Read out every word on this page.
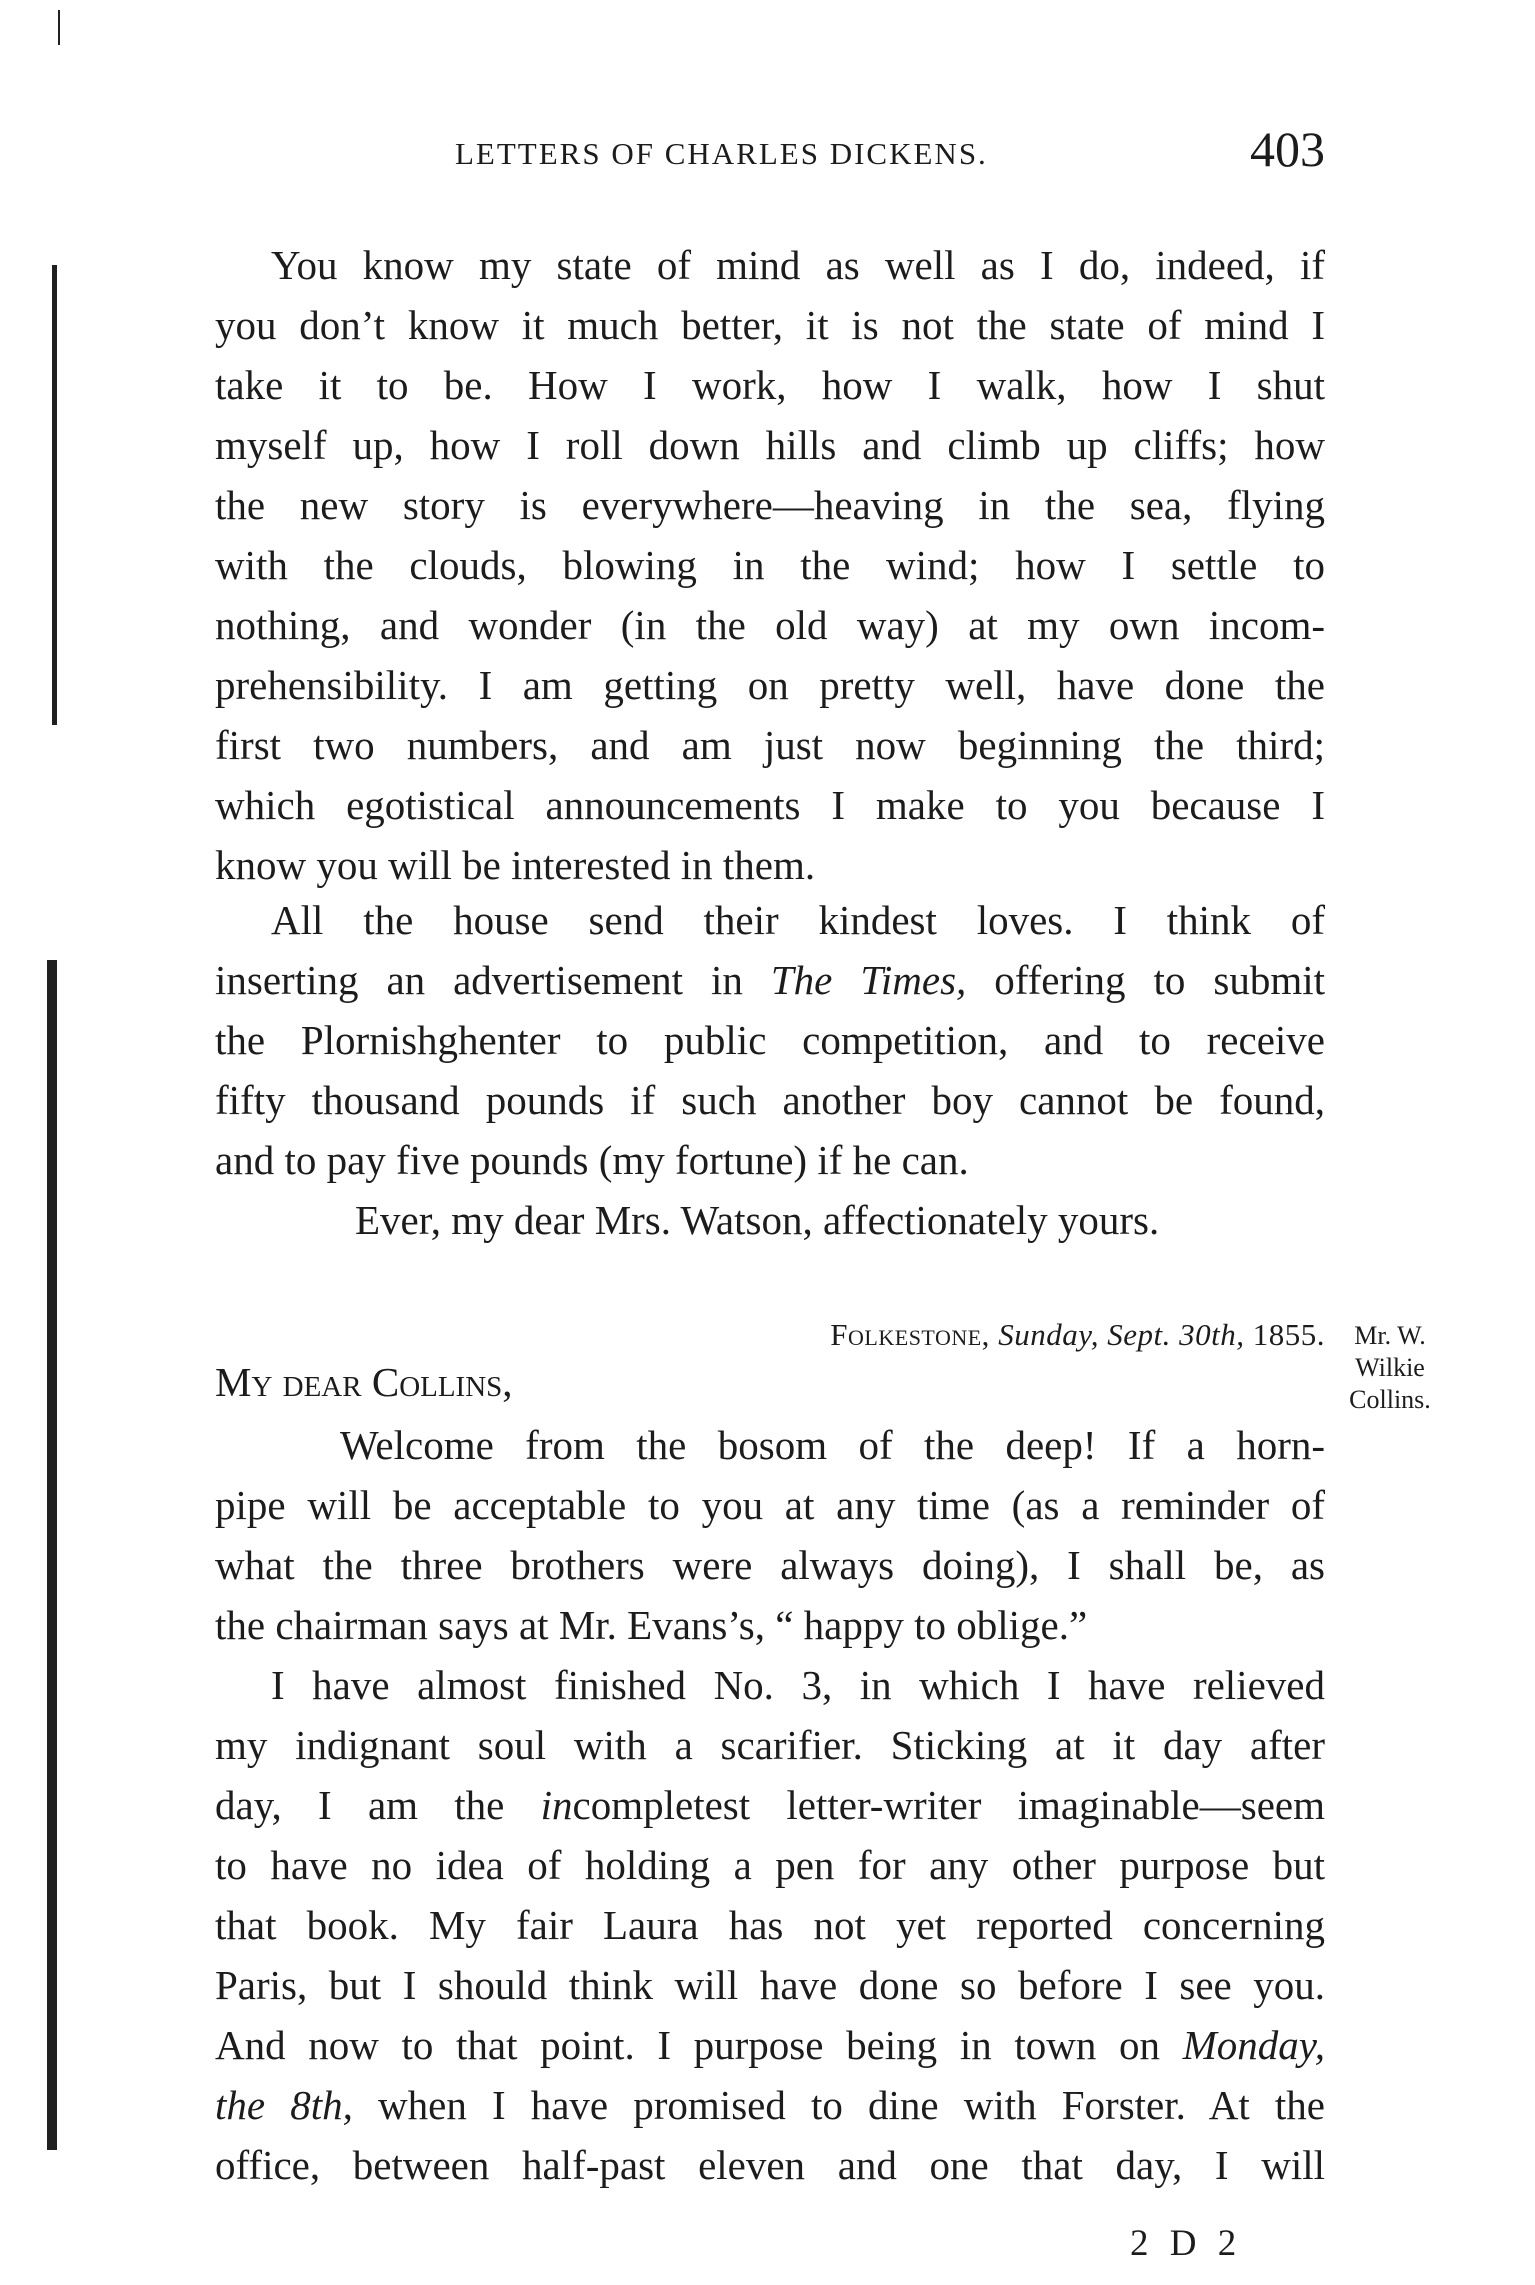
LETTERS OF CHARLES DICKENS.	403
You know my state of mind as well as I do, indeed, if
you don’t know it much better, it is not the state of mind I
take it to be. How I work, how I walk, how I shut
myself up, how I roll down hills and climb up cliffs; how
the new story is everywhere—heaving in the sea, flying
with the clouds, blowing in the wind; how I settle to
nothing, and wonder (in the old way) at my own incom-
prehensibility. I am getting on pretty well, have done the
first two numbers, and am just now beginning the third;
which egotistical announcements I make to you because I
know you will be interested in them.
All the house send their kindest loves. I think of
inserting an advertisement in The Times, offering to submit
the Plornishghenter to public competition, and to receive
fifty thousand pounds if such another boy cannot be found,
and to pay five pounds (my fortune) if he can.
Ever, my dear Mrs. Watson, affectionately yours.
Folkestone, Sunday, Sept. 30th, 1855.	Mr. W.
Wilkie
Collins.
My dear Collins,
Welcome from the bosom of the deep! If a horn-
pipe will be acceptable to you at any time (as a reminder of
what the three brothers were always doing), I shall be, as
the chairman says at Mr. Evans’s, “ happy to oblige.”
I have almost finished No. 3, in which I have relieved
my indignant soul with a scarifier. Sticking at it day after
day, I am the incompletest letter-writer imaginable—seem
to have no idea of holding a pen for any other purpose but
that book. My fair Laura has not yet reported concerning
Paris, but I should think will have done so before I see you.
And now to that point. I purpose being in town on Monday,
the 8th, when I have promised to dine with Forster. At the
office, between half-past eleven and one that day, I will
2 D 2
